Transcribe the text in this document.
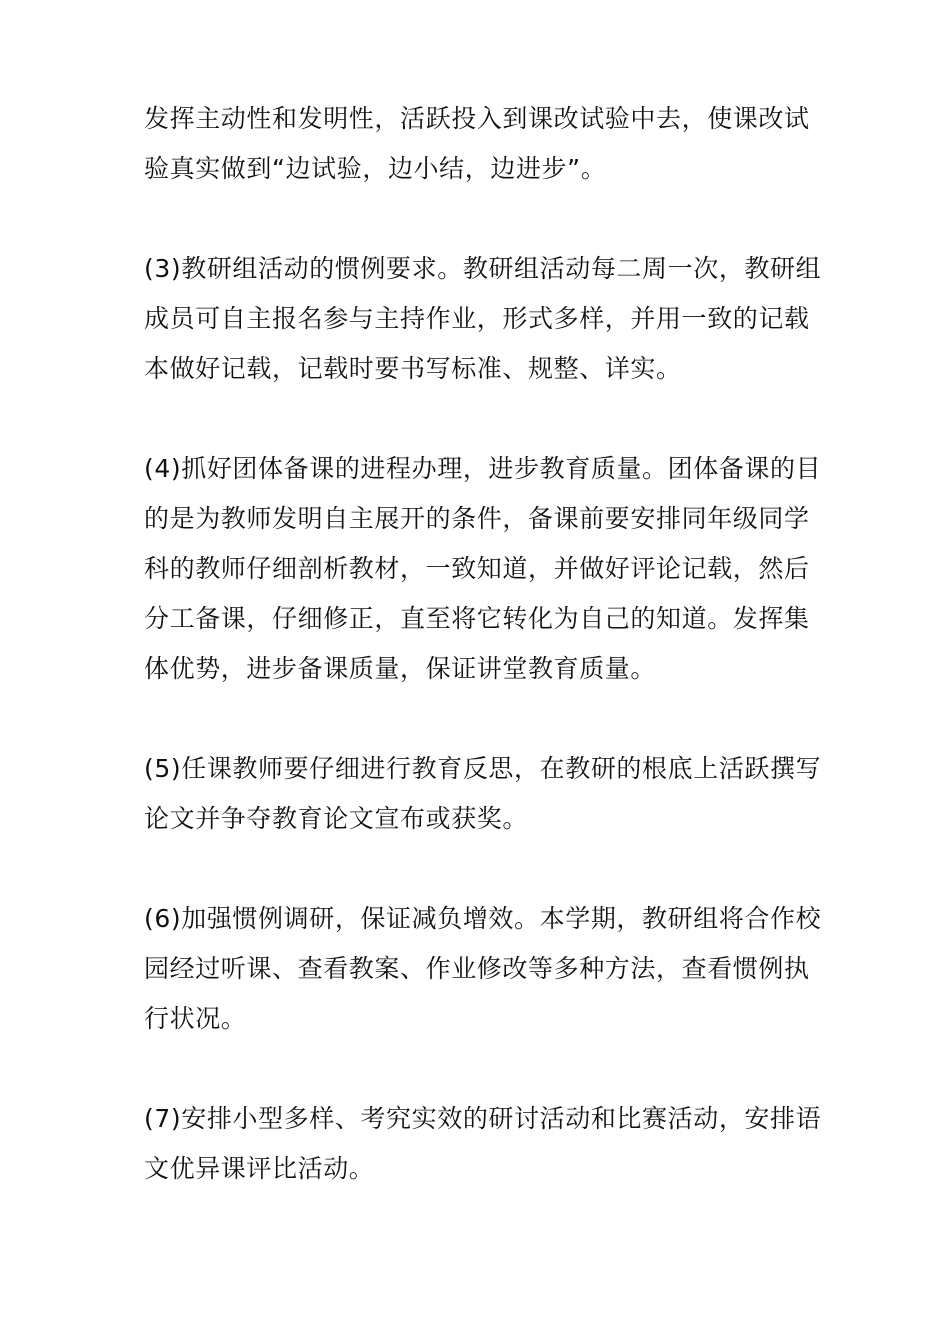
发挥主动性和发明性，活跃投入到课改试验中去，使课改试
验真实做到“边试验，边小结，边进步”。
(3)教研组活动的惯例要求。教研组活动每二周一次，教研组
成员可自主报名参与主持作业，形式多样，并用一致的记载
本做好记载，记载时要书写标准、规整、详实。
(4)抓好团体备课的进程办理，进步教育质量。团体备课的目
的是为教师发明自主展开的条件，备课前要安排同年级同学
科的教师仔细剖析教材，一致知道，并做好评论记载，然后
分工备课，仔细修正，直至将它转化为自己的知道。发挥集
体优势，进步备课质量，保证讲堂教育质量。
(5)任课教师要仔细进行教育反思，在教研的根底上活跃撰写
论文并争夺教育论文宣布或获奖。
(6)加强惯例调研，保证减负增效。本学期，教研组将合作校
园经过听课、查看教案、作业修改等多种方法，查看惯例执
行状况。
(7)安排小型多样、考究实效的研讨活动和比赛活动，安排语
文优异课评比活动。
